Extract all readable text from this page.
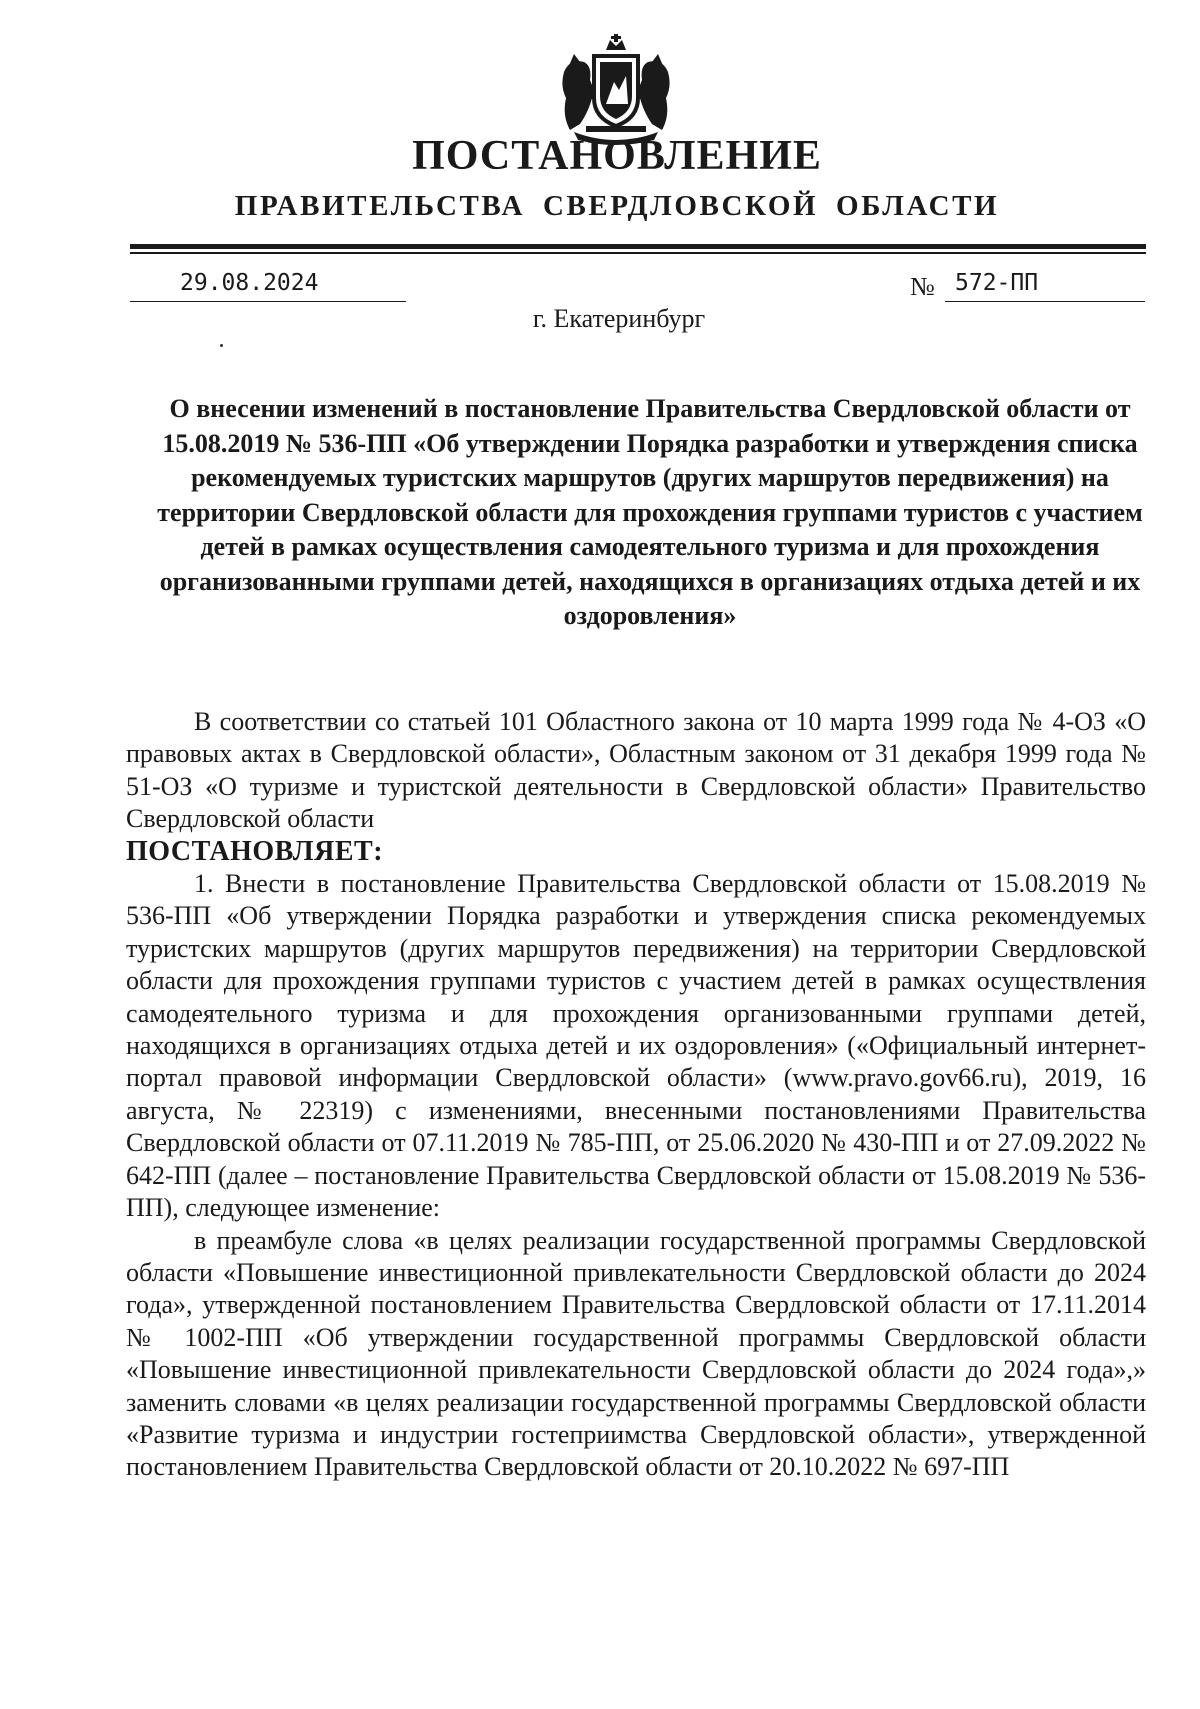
ПОСТАНОВЛЕНИЕ
ПРАВИТЕЛЬСТВА СВЕРДЛОВСКОЙ ОБЛАСТИ
29.08.2024	№ 572-ПП
г. Екатеринбург
О внесении изменений в постановление Правительства Свердловской области от 15.08.2019 № 536-ПП «Об утверждении Порядка разработки и утверждения списка рекомендуемых туристских маршрутов (других маршрутов передвижения) на территории Свердловской области для прохождения группами туристов с участием детей в рамках осуществления самодеятельного туризма и для прохождения организованными группами детей, находящихся в организациях отдыха детей и их оздоровления»

В соответствии со статьей 101 Областного закона от 10 марта 1999 года № 4-ОЗ «О правовых актах в Свердловской области», Областным законом от 31 декабря 1999 года № 51-ОЗ «О туризме и туристской деятельности в Свердловской области» Правительство Свердловской области

ПОСТАНОВЛЯЕТ:

1. Внести в постановление Правительства Свердловской области от 15.08.2019 № 536-ПП «Об утверждении Порядка разработки и утверждения списка рекомендуемых туристских маршрутов (других маршрутов передвижения) на территории Свердловской области для прохождения группами туристов с участием детей в рамках осуществления самодеятельного туризма и для прохождения организованными группами детей, находящихся в организациях отдыха детей и их оздоровления» («Официальный интернет-портал правовой информации Свердловской области» (www.pravo.gov66.ru), 2019, 16 августа, № 22319) с изменениями, внесенными постановлениями Правительства Свердловской области от 07.11.2019 № 785-ПП, от 25.06.2020 № 430-ПП и от 27.09.2022 № 642-ПП (далее – постановление Правительства Свердловской области от 15.08.2019 № 536-ПП), следующее изменение:

в преамбуле слова «в целях реализации государственной программы Свердловской области «Повышение инвестиционной привлекательности Свердловской области до 2024 года», утвержденной постановлением Правительства Свердловской области от 17.11.2014 № 1002-ПП «Об утверждении государственной программы Свердловской области «Повышение инвестиционной привлекательности Свердловской области до 2024 года»,» заменить словами «в целях реализации государственной программы Свердловской области «Развитие туризма и индустрии гостеприимства Свердловской области», утвержденной постановлением Правительства Свердловской области от 20.10.2022 № 697-ПП
